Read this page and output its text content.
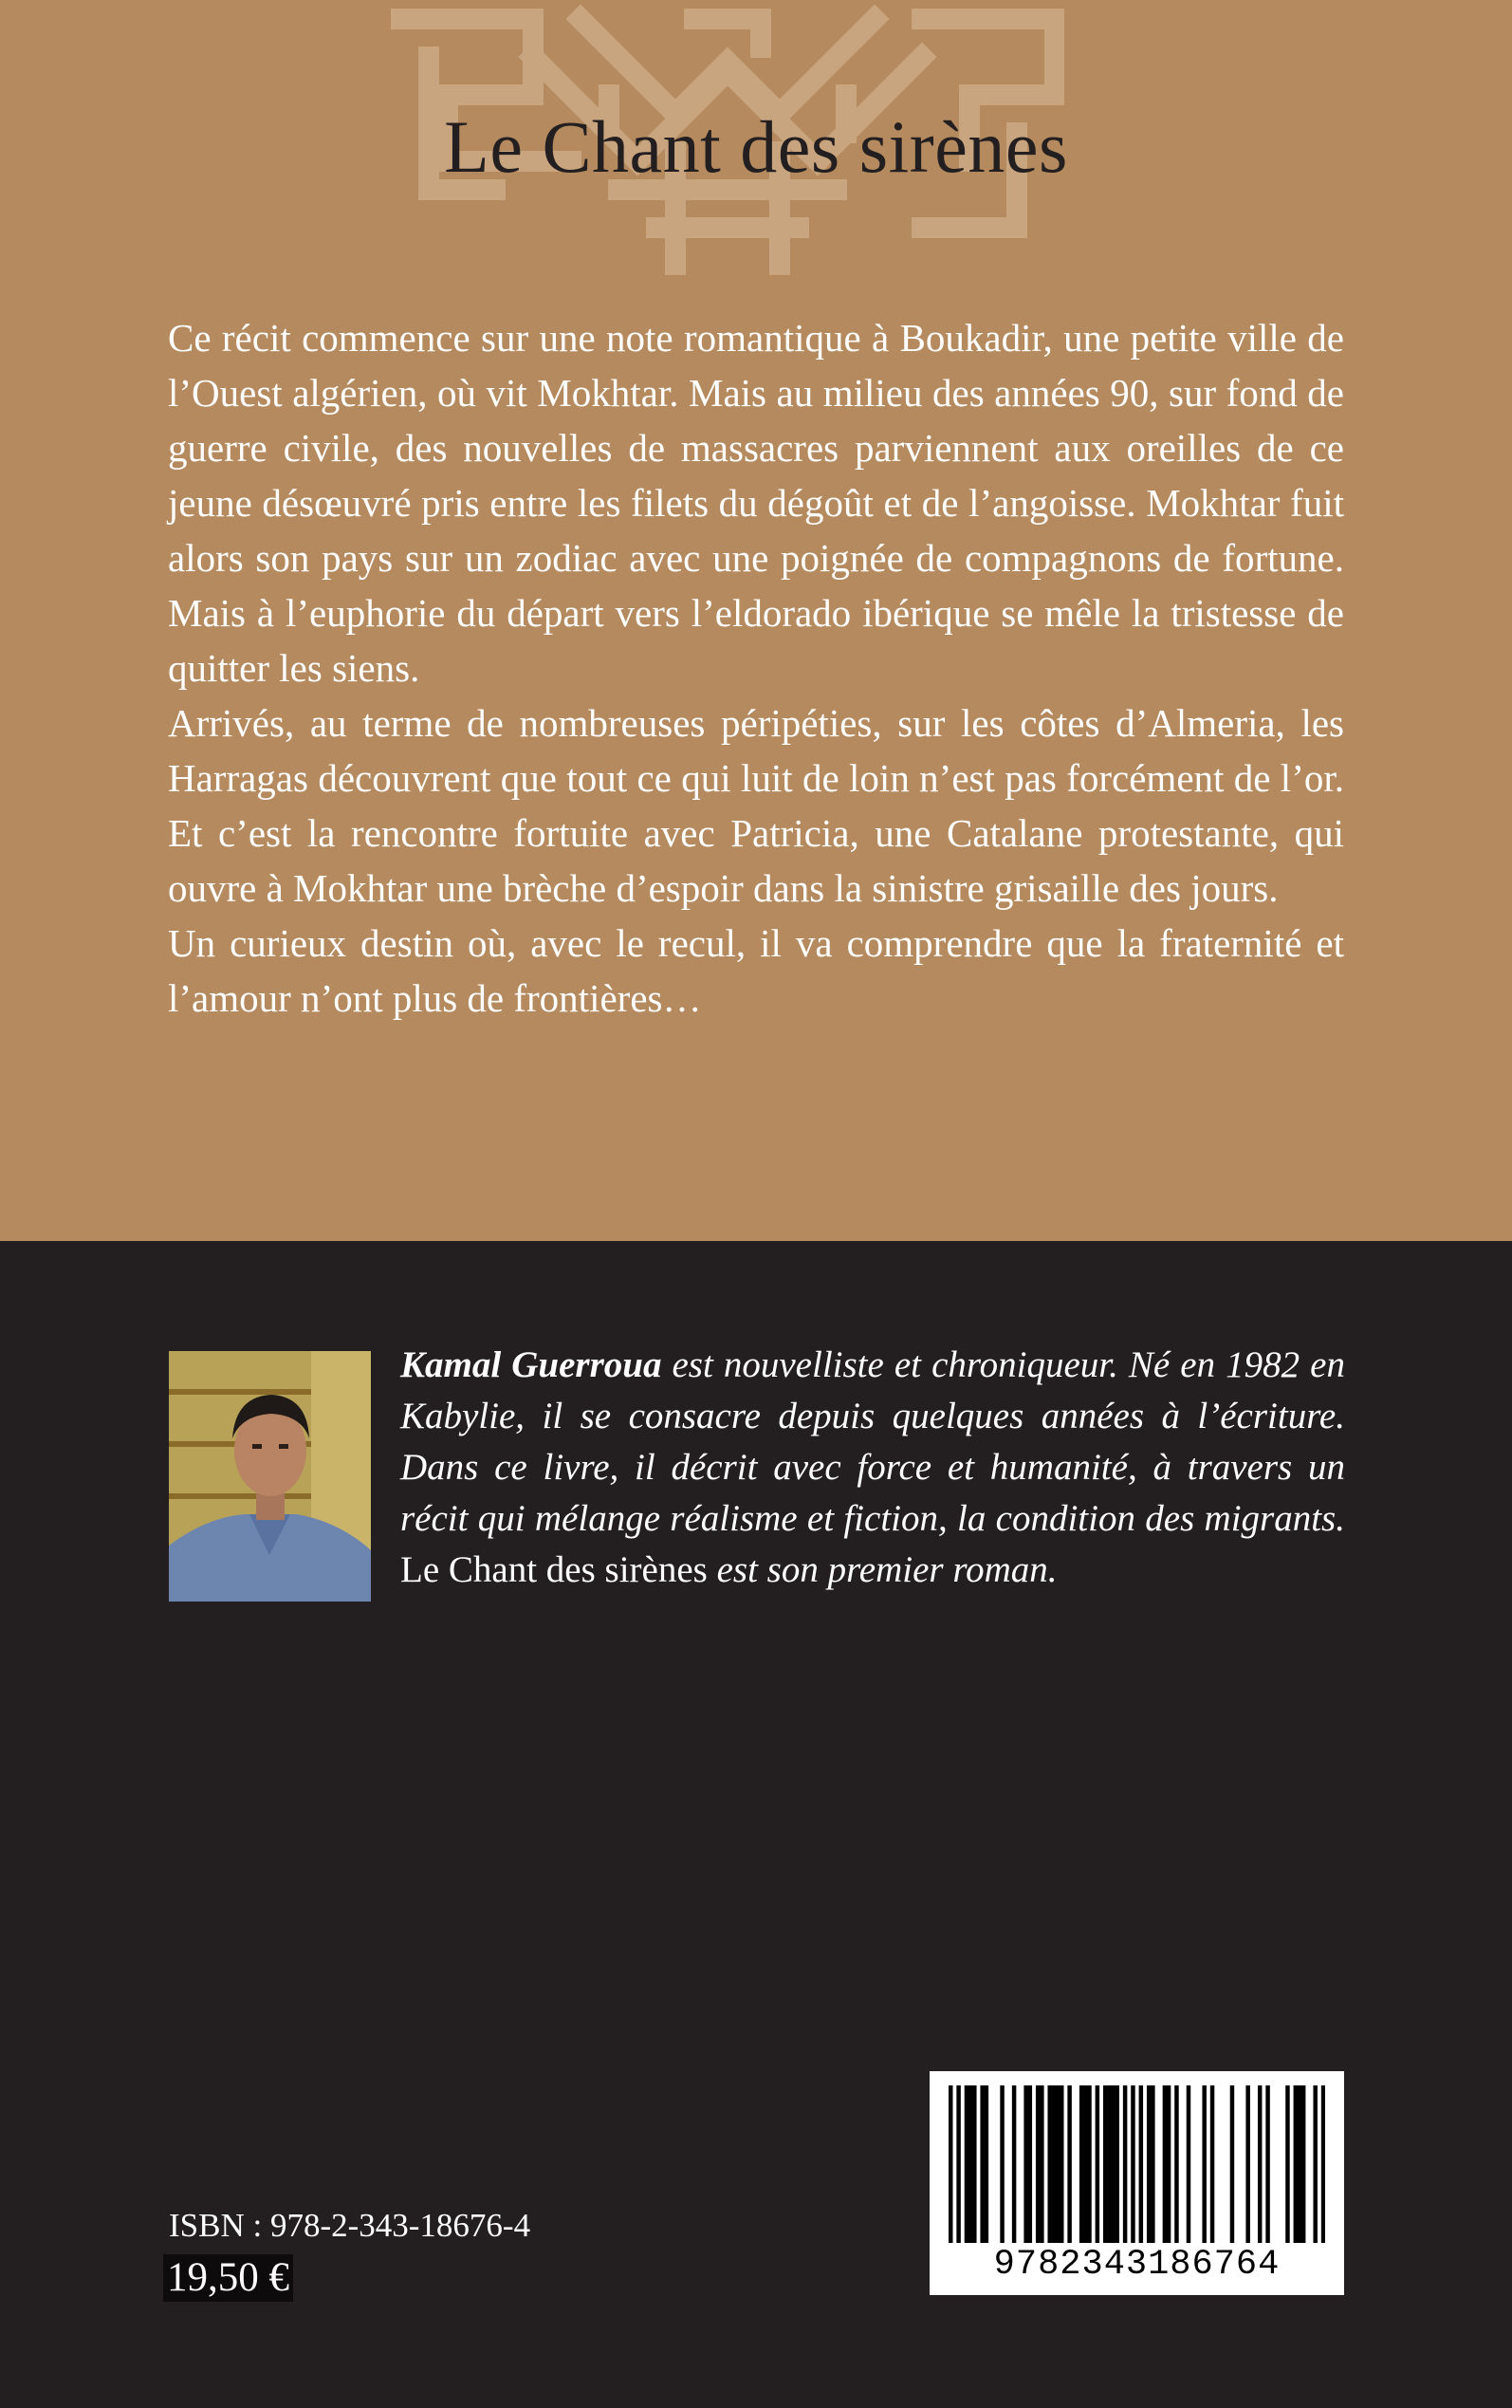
Le Chant des sirènes

Ce récit commence sur une note romantique à Boukadir, une petite ville de l’Ouest algérien, où vit Mokhtar. Mais au milieu des années 90, sur fond de guerre civile, des nouvelles de massacres parviennent aux oreilles de ce jeune désœuvré pris entre les filets du dégoût et de l’angoisse. Mokhtar fuit alors son pays sur un zodiac avec une poignée de compagnons de fortune. Mais à l’euphorie du départ vers l’eldorado ibérique se mêle la tristesse de quitter les siens.

Arrivés, au terme de nombreuses péripéties, sur les côtes d’Almeria, les Harragas découvrent que tout ce qui luit de loin n’est pas forcément de l’or. Et c’est la rencontre fortuite avec Patricia, une Catalane protestante, qui ouvre à Mokhtar une brèche d’espoir dans la sinistre grisaille des jours.

Un curieux destin où, avec le recul, il va comprendre que la fraternité et l’amour n’ont plus de frontières…

Kamal Guerroua est nouvelliste et chroniqueur. Né en 1982 en Kabylie, il se consacre depuis quelques années à l’écriture. Dans ce livre, il décrit avec force et humanité, à travers un récit qui mélange réalisme et fiction, la condition des migrants. Le Chant des sirènes est son premier roman.
ISBN : 978-2-343-18676-4
19,50 €	9782343186764
